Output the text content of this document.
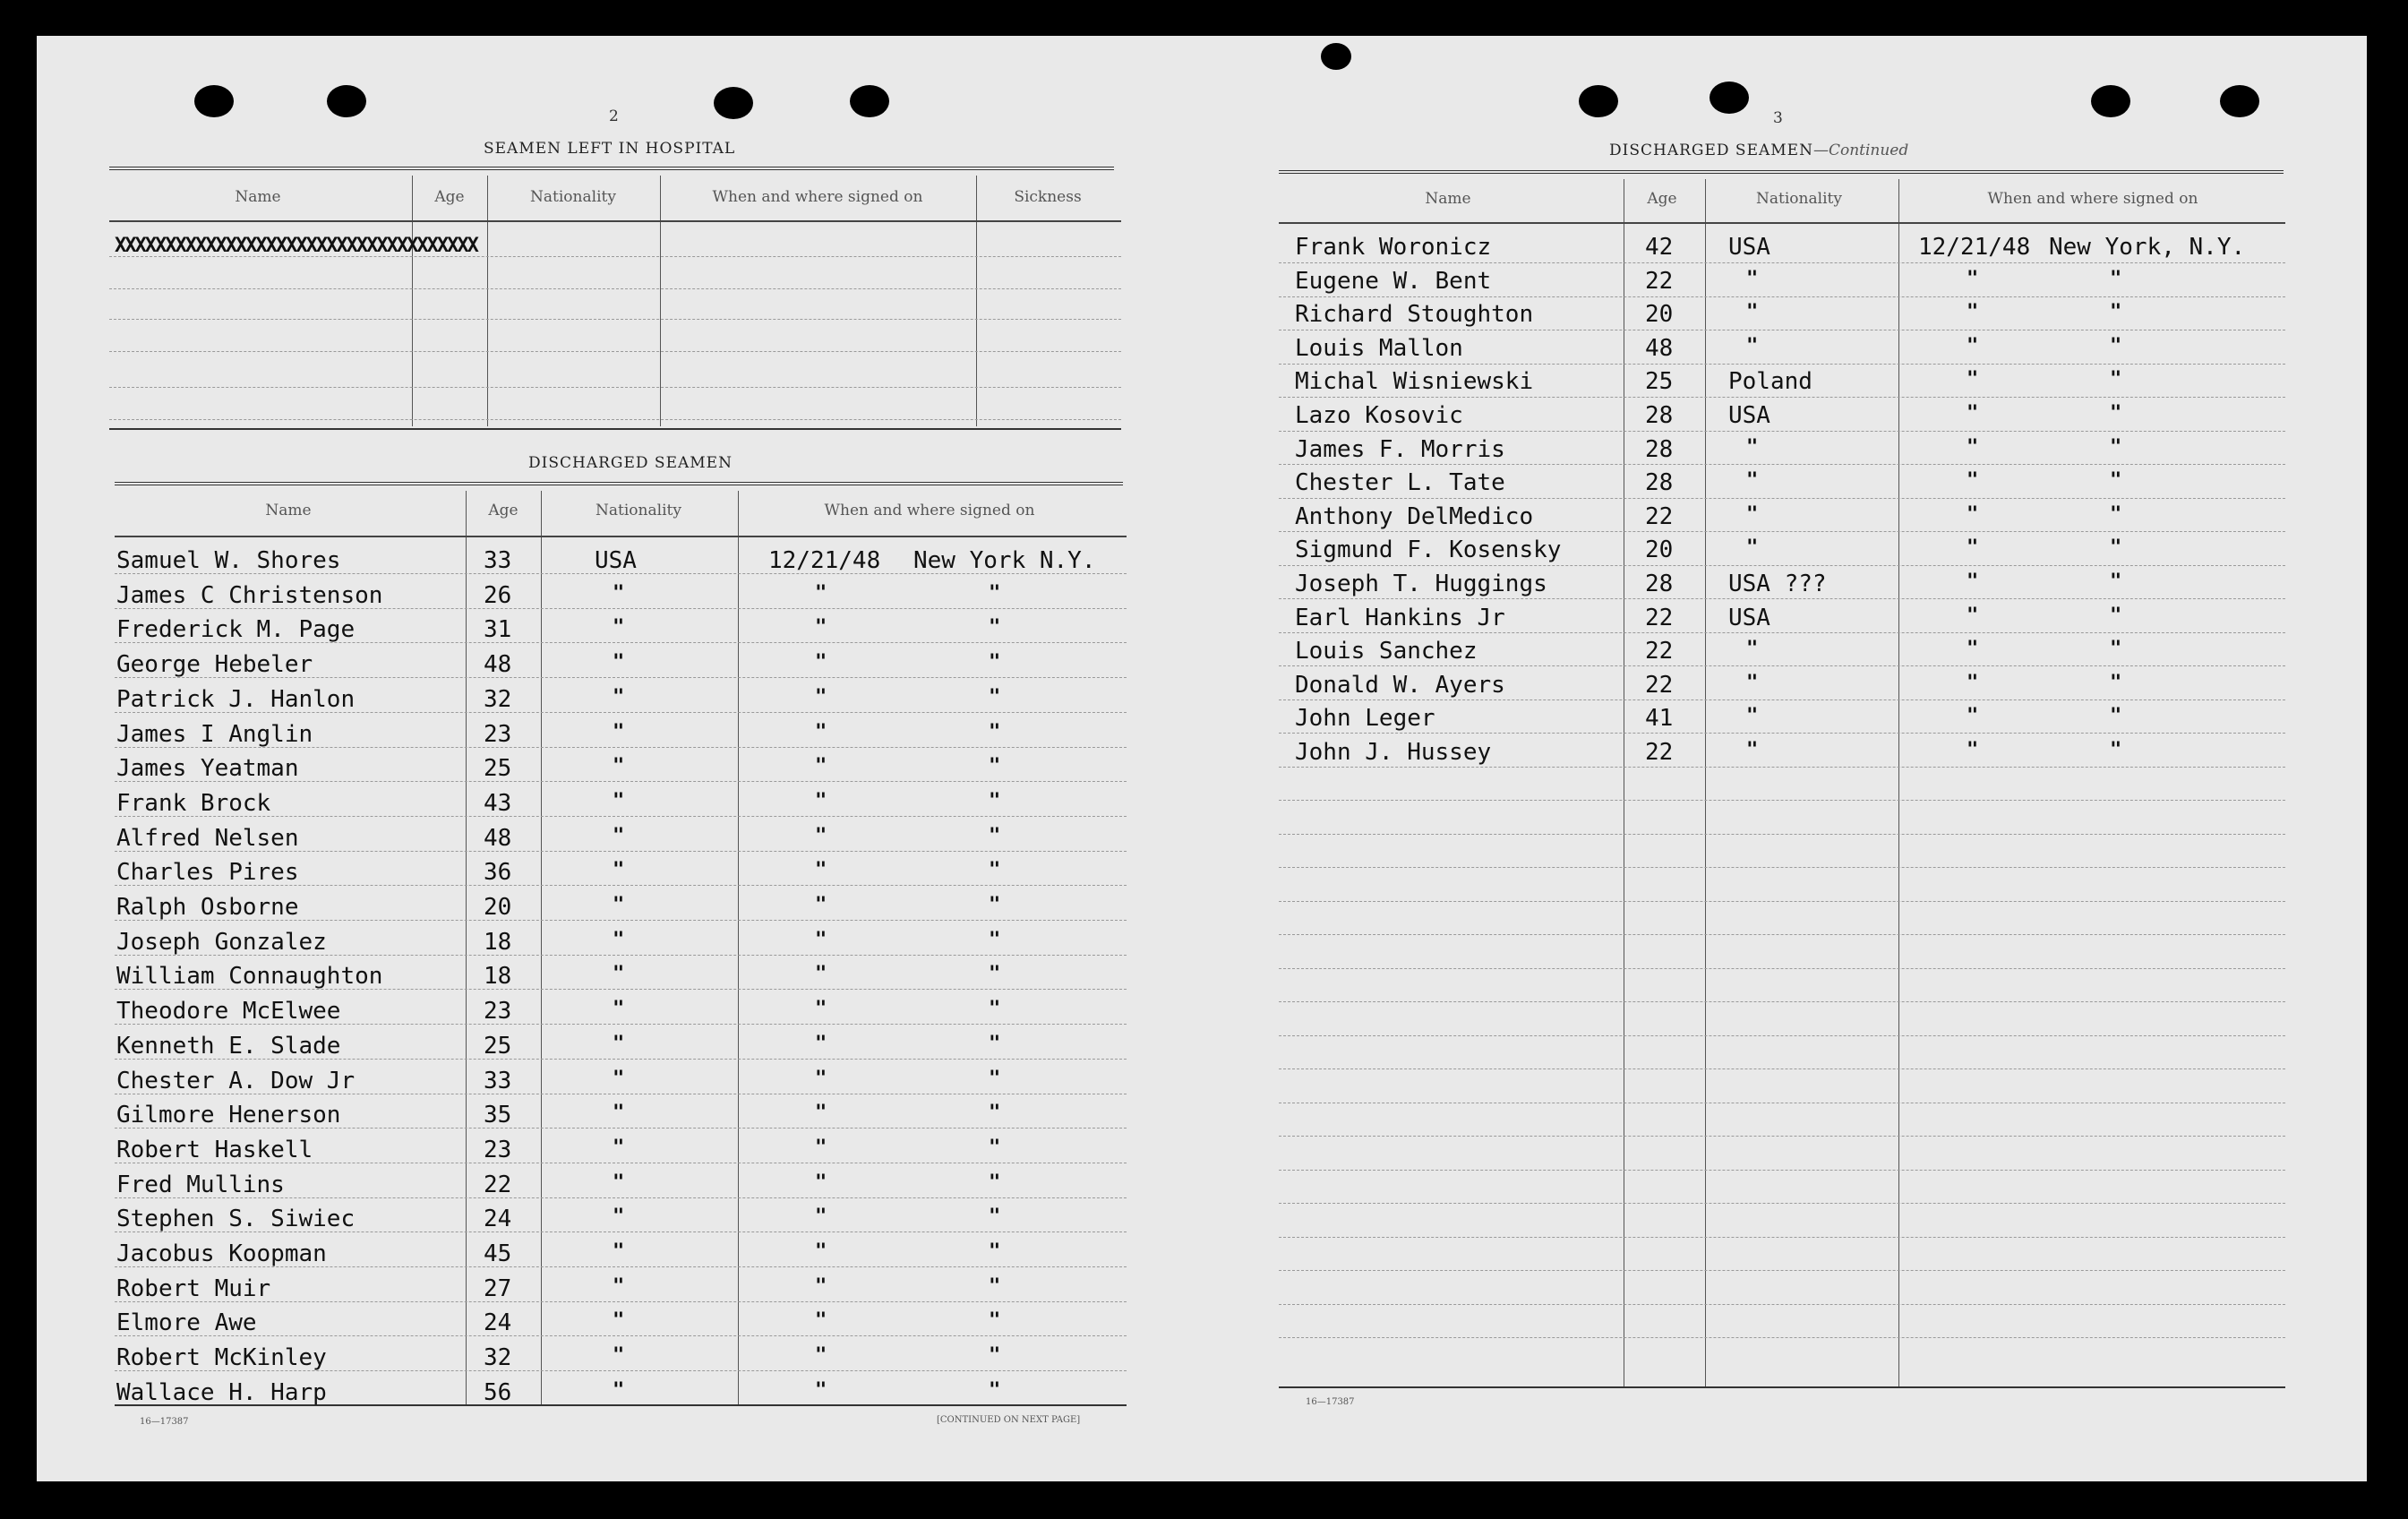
2
SEAMEN LEFT IN HOSPITAL
Name	Age	Nationality	When and where signed on	Sickness
XXXXXXXXXXXXXXXXXXXXXXXXXXXXXXXXXXXX
DISCHARGED SEAMEN
Name	Age	Nationality	When and where signed on
Samuel W. Shores	33	USA	12/21/48 New York N.Y.
James C Christenson	26	"	"	"
Frederick M. Page	31	"	"	"
George Hebeler	48	"	"	"
Patrick J. Hanlon	32	"	"	"
James I Anglin	23	"	"	"
James Yeatman	25	"	"	"
Frank Brock	43	"	"	"
Alfred Nelsen	48	"	"	"
Charles Pires	36	"	"	"
Ralph Osborne	20	"	"	"
Joseph Gonzalez	18	"	"	"
William Connaughton	18	"	"	"
Theodore McElwee	23	"	"	"
Kenneth E. Slade	25	"	"	"
Chester A. Dow Jr	33	"	"	"
Gilmore Henerson	35	"	"	"
Robert Haskell	23	"	"	"
Fred Mullins	22	"	"	"
Stephen S. Siwiec	24	"	"	"
Jacobus Koopman	45	"	"	"
Robert Muir	27	"	"	"
Elmore Awe	24	"	"	"
Robert McKinley	32	"	"	"
Wallace H. Harp	56	"	"	"
16—17387	[CONTINUED ON NEXT PAGE]
3
DISCHARGED SEAMEN—Continued
Name	Age	Nationality	When and where signed on
Frank Woronicz	42 USA	12/21/48 New York, N.Y.
Eugene W. Bent	22	"	"	"
Richard Stoughton	20	"	"	"
Louis Mallon	48	"	"	"
Michal Wisniewski	25 Poland	"	"
Lazo Kosovic	28 USA	"	"
James F. Morris	28	"	"	"
Chester L. Tate	28	"	"	"
Anthony DelMedico	22	"	"	"
Sigmund F. Kosensky	20	"	"	"
Joseph T. Huggings	28 USA ???	"	"
Earl Hankins Jr	22 USA	"	"
Louis Sanchez	22	"	"	"
Donald W. Ayers	22	"	"	"
John Leger	41	"	"	"
John J. Hussey	22	"	"	"
16—17387
